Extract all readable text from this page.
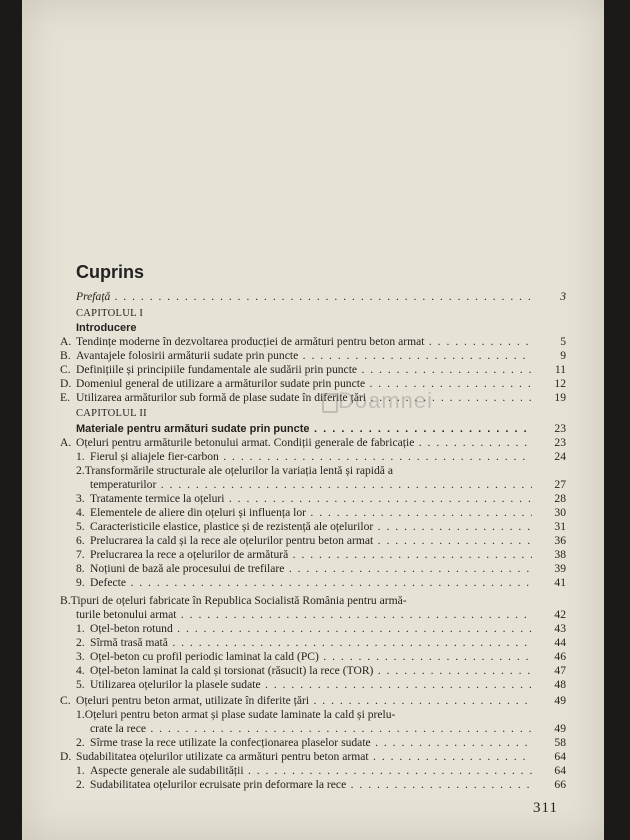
Cuprins
Prefață . . .	3
CAPITOLUL I
Introducere
A. Tendințe moderne în dezvoltarea producției de armături pentru beton armat . . .	5
B. Avantajele folosirii armăturii sudate prin puncte . . .	9
C. Definițiile și principiile fundamentale ale sudării prin puncte . . .	11
D. Domeniul general de utilizare a armăturilor sudate prin puncte . . .	12
E. Utilizarea armăturilor sub formă de plase sudate în diferite țări . . .	19
Doamnei
CAPITOLUL II
Materiale pentru armături sudate prin puncte . . .	23
A. Oțeluri pentru armăturile betonului armat. Condiții generale de fabricație . . .	23
1. Fierul și aliajele fier-carbon . . .	24
2.Transformările structurale ale oțelurilor la variația lentă și rapidă a
temperaturilor . . .	27
3. Tratamente termice la oțeluri . . .	28
4. Elementele de aliere din oțeluri și influența lor . . .	30
5. Caracteristicile elastice, plastice și de rezistență ale oțelurilor . . .	31
6. Prelucrarea la cald și la rece ale oțelurilor pentru beton armat . . .	36
7. Prelucrarea la rece a oțelurilor de armătură . . .	38
8. Noțiuni de bază ale procesului de trefilare . . .	39
9. Defecte . . .	41
B.Tipuri de oțeluri fabricate în Republica Socialistă România pentru armă-
turile betonului armat . . .	42
1. Oțel-beton rotund . . .	43
2. Sîrmă trasă mată . . .	44
3. Oțel-beton cu profil periodic laminat la cald (PC) . . .	46
4. Oțel-beton laminat la cald și torsionat (răsucit) la rece (TOR) . . .	47
5. Utilizarea oțelurilor la plasele sudate . . .	48
C. Oțeluri pentru beton armat, utilizate în diferite țări . . .	49
1.Oțeluri pentru beton armat și plase sudate laminate la cald și prelu-
crate la rece . . .	49
2. Sîrme trase la rece utilizate la confecționarea plaselor sudate . . .	58
D. Sudabilitatea oțelurilor utilizate ca armături pentru beton armat . . .	64
1. Aspecte generale ale sudabilității . . .	64
2. Sudabilitatea oțelurilor ecruisate prin deformare la rece . . .	66
311
